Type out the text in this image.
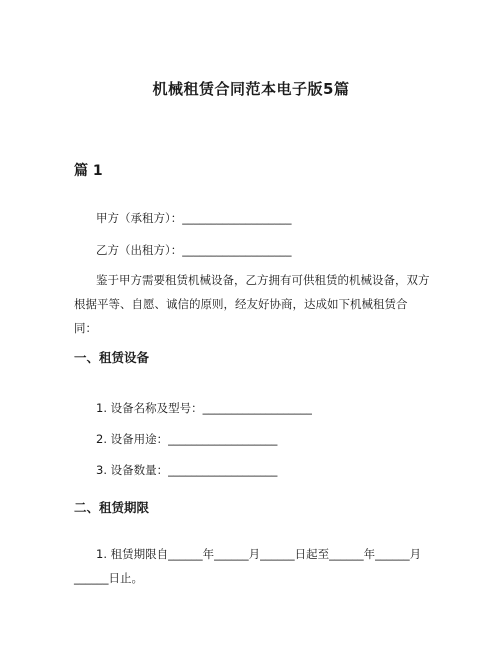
机械租赁合同范本电子版5篇
篇 1
甲方（承租方）：___________________
乙方（出租方）：___________________
鉴于甲方需要租赁机械设备，乙方拥有可供租赁的机械设备，双方根据平等、自愿、诚信的原则，经友好协商，达成如下机械租赁合同：
一、租赁设备
1. 设备名称及型号：___________________
2. 设备用途：___________________
3. 设备数量：___________________
二、租赁期限
1. 租赁期限自______年______月______日起至______年______月
______日止。
